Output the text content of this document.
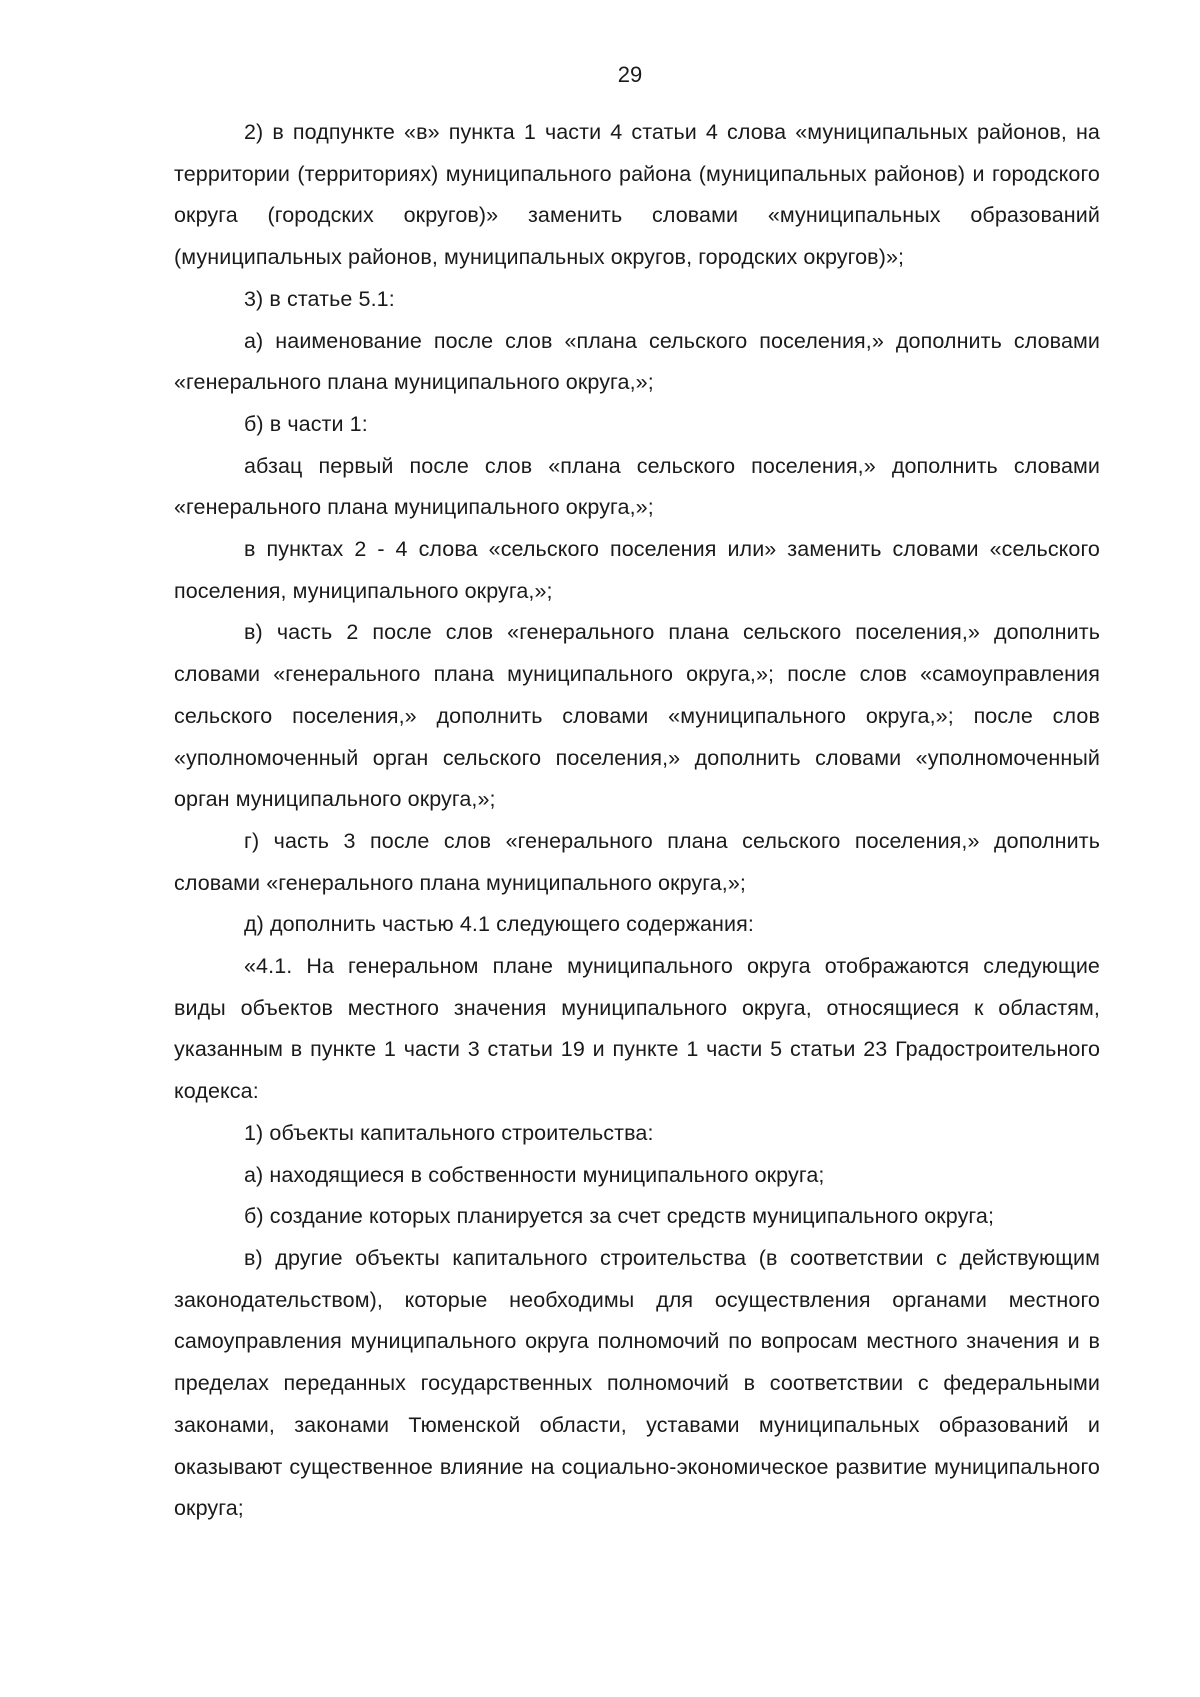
29

2) в подпункте «в» пункта 1 части 4 статьи 4 слова «муниципальных районов, на территории (территориях) муниципального района (муниципальных районов) и городского округа (городских округов)» заменить словами «муниципальных образований (муниципальных районов, муниципальных округов, городских округов)»;

3) в статье 5.1:

а) наименование после слов «плана сельского поселения,» дополнить словами «генерального плана муниципального округа,»;

б) в части 1:

абзац первый после слов «плана сельского поселения,» дополнить словами «генерального плана муниципального округа,»;

в пунктах 2 - 4 слова «сельского поселения или» заменить словами «сельского поселения, муниципального округа,»;

в) часть 2 после слов «генерального плана сельского поселения,» дополнить словами «генерального плана муниципального округа,»; после слов «самоуправления сельского поселения,» дополнить словами «муниципального округа,»; после слов «уполномоченный орган сельского поселения,» дополнить словами «уполномоченный орган муниципального округа,»;

г) часть 3 после слов «генерального плана сельского поселения,» дополнить словами «генерального плана муниципального округа,»;

д) дополнить частью 4.1 следующего содержания:

«4.1. На генеральном плане муниципального округа отображаются следующие виды объектов местного значения муниципального округа, относящиеся к областям, указанным в пункте 1 части 3 статьи 19 и пункте 1 части 5 статьи 23 Градостроительного кодекса:

1) объекты капитального строительства:

а) находящиеся в собственности муниципального округа;

б) создание которых планируется за счет средств муниципального округа;

в) другие объекты капитального строительства (в соответствии с действующим законодательством), которые необходимы для осуществления органами местного самоуправления муниципального округа полномочий по вопросам местного значения и в пределах переданных государственных полномочий в соответствии с федеральными законами, законами Тюменской области, уставами муниципальных образований и оказывают существенное влияние на социально-экономическое развитие муниципального округа;
